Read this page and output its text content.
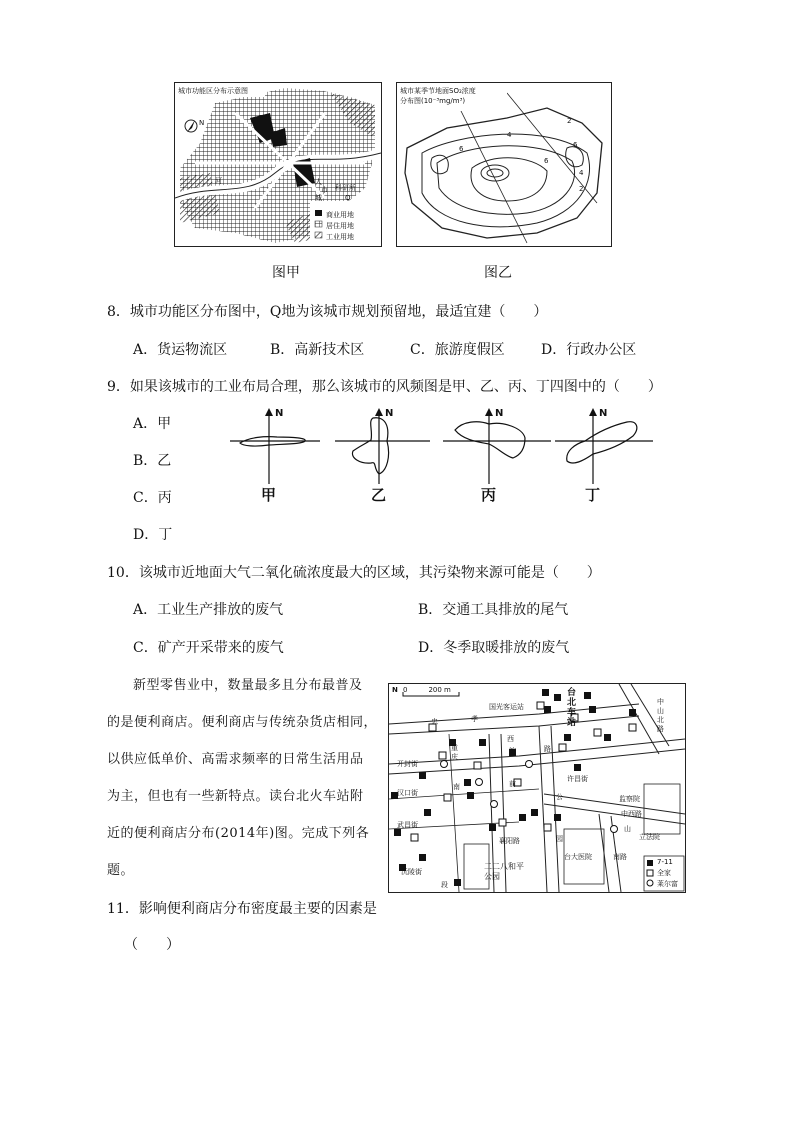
城市功能区分布示意图
N
人
市
城
科研所
Q
河
商业用地
居住用地
工业用地
图甲
城市某季节地面SO₂浓度
分布图(10⁻³mg/m³)
2
4
6
6
6
4
2
图乙
8．城市功能区分布图中，Q地为该城市规划预留地，最适宜建（　　）
A．货运物流区	B．高新技术区	C．旅游度假区	D．行政办公区
9．如果该城市的工业布局合理，那么该城市的风频图是甲、乙、丙、丁四图中的（　　）
A．甲
B．乙
C．丙
D．丁
N
甲
N
乙
N
丙
N
丁
10．该城市近地面大气二氧化硫浓度最大的区域，其污染物来源可能是（　　）
A．工业生产排放的废气	B．交通工具排放的尾气
C．矿产开采带来的废气	D．冬季取暖排放的废气
新型零售业中，数量最多且分布最普及
的是便利商店。便利商店与传统杂货店相同，
以供应低单价、高需求频率的日常生活用品
为主，但也有一些新特点。读台北火车站附
近的便利商店分布(2014年)图。完成下列各
题。
N 0　　　200 m	台北车站
国光客运站
中山北路
忠	孝
西
路
开封街
重庆
馆
前
南
许昌街
公
园
汉口街
武昌街
襄阳路
沅陵街
段
监察院
立法院
中西路
山
台大医院
二二八和平公园
南路
7-11
全家
莱尔富
11．影响便利商店分布密度最主要的因素是
（　　）
